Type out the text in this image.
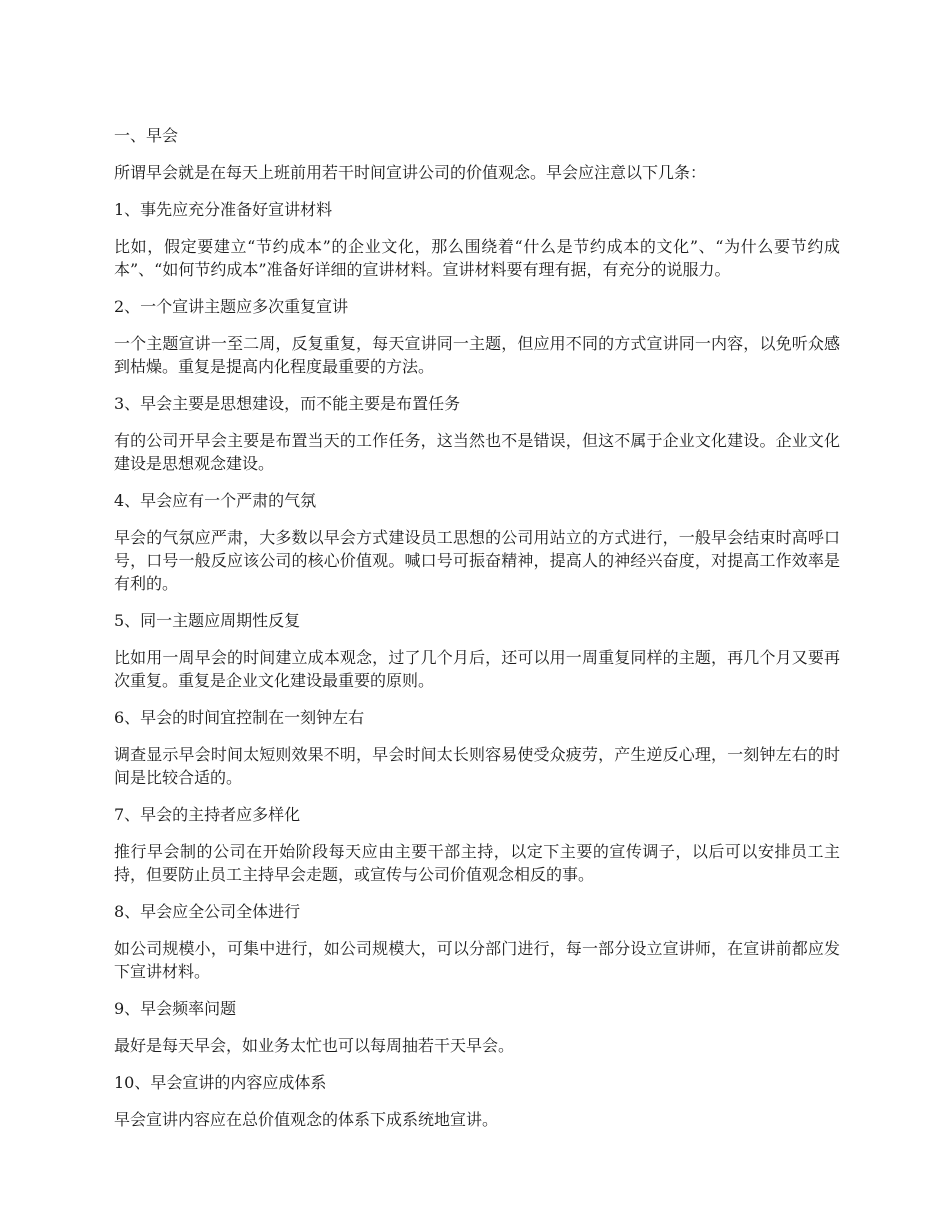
一、早会

所谓早会就是在每天上班前用若干时间宣讲公司的价值观念。早会应注意以下几条：

1、事先应充分准备好宣讲材料

比如，假定要建立“节约成本”的企业文化，那么围绕着“什么是节约成本的文化”、“为什么要节约成本”、“如何节约成本”准备好详细的宣讲材料。宣讲材料要有理有据，有充分的说服力。

2、一个宣讲主题应多次重复宣讲

一个主题宣讲一至二周，反复重复，每天宣讲同一主题，但应用不同的方式宣讲同一内容，以免听众感到枯燥。重复是提高内化程度最重要的方法。

3、早会主要是思想建设，而不能主要是布置任务

有的公司开早会主要是布置当天的工作任务，这当然也不是错误，但这不属于企业文化建设。企业文化建设是思想观念建设。

4、早会应有一个严肃的气氛

早会的气氛应严肃，大多数以早会方式建设员工思想的公司用站立的方式进行，一般早会结束时高呼口号，口号一般反应该公司的核心价值观。喊口号可振奋精神，提高人的神经兴奋度，对提高工作效率是有利的。

5、同一主题应周期性反复

比如用一周早会的时间建立成本观念，过了几个月后，还可以用一周重复同样的主题，再几个月又要再次重复。重复是企业文化建设最重要的原则。

6、早会的时间宜控制在一刻钟左右

调查显示早会时间太短则效果不明，早会时间太长则容易使受众疲劳，产生逆反心理，一刻钟左右的时间是比较合适的。

7、早会的主持者应多样化

推行早会制的公司在开始阶段每天应由主要干部主持，以定下主要的宣传调子，以后可以安排员工主持，但要防止员工主持早会走题，或宣传与公司价值观念相反的事。

8、早会应全公司全体进行

如公司规模小，可集中进行，如公司规模大，可以分部门进行，每一部分设立宣讲师，在宣讲前都应发下宣讲材料。

9、早会频率问题

最好是每天早会，如业务太忙也可以每周抽若干天早会。

10、早会宣讲的内容应成体系

早会宣讲内容应在总价值观念的体系下成系统地宣讲。
